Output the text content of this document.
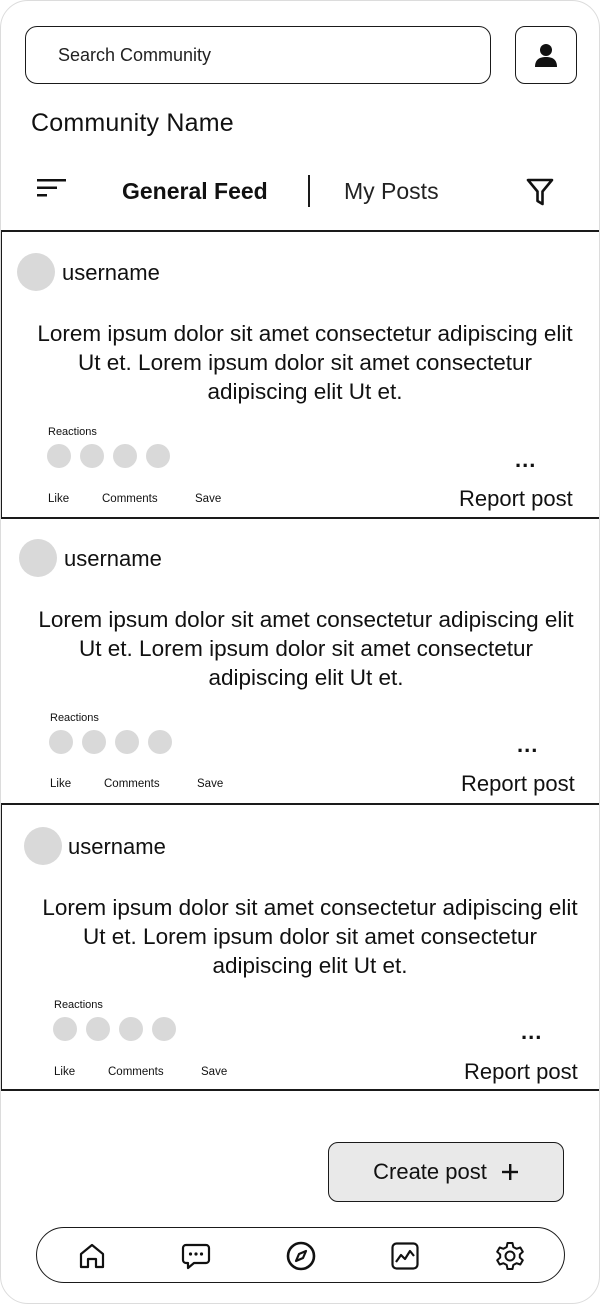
Search Community
Community Name
General Feed	My Posts
username
Lorem ipsum dolor sit amet consectetur adipiscing elit Ut et. Lorem ipsum dolor sit amet consectetur adipiscing elit Ut et.
Reactions
...
Like	Comments	Save	Report post
username
Lorem ipsum dolor sit amet consectetur adipiscing elit Ut et. Lorem ipsum dolor sit amet consectetur adipiscing elit Ut et.
Reactions
...
Like	Comments	Save	Report post
username
Lorem ipsum dolor sit amet consectetur adipiscing elit Ut et. Lorem ipsum dolor sit amet consectetur adipiscing elit Ut et.
Reactions
...
Like	Comments	Save	Report post
Create post
